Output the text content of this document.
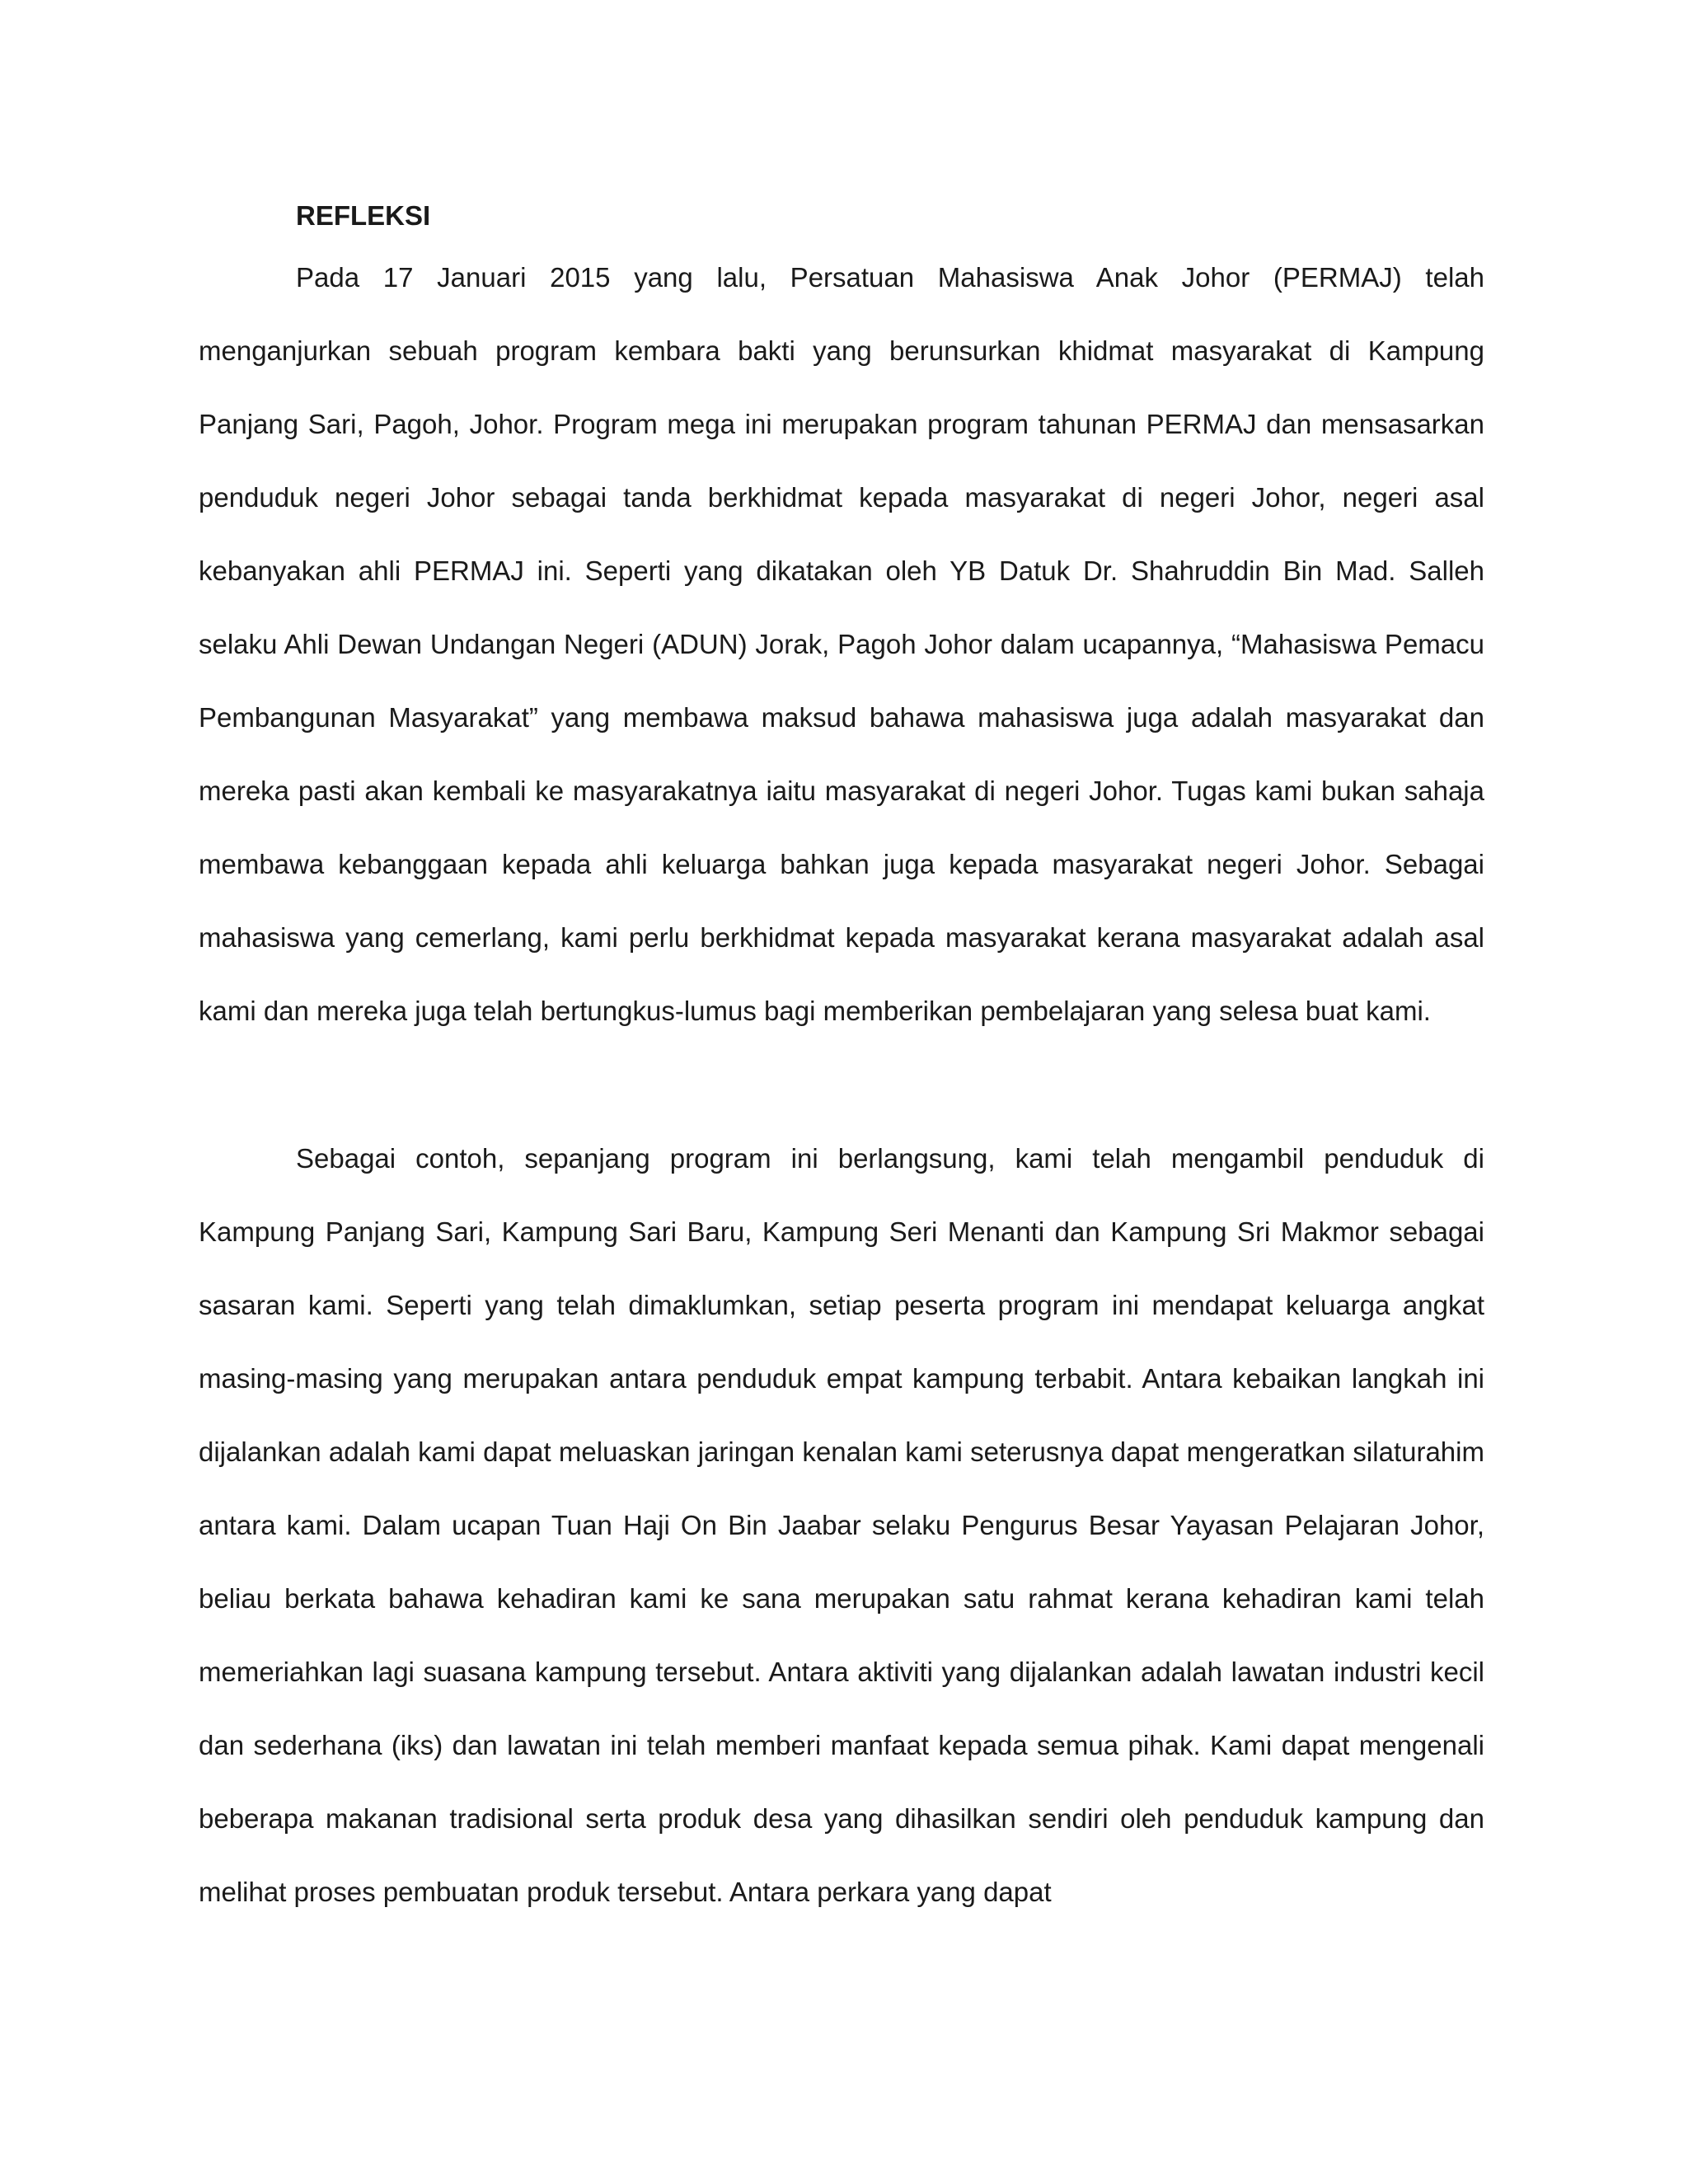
REFLEKSI

Pada 17 Januari 2015 yang lalu, Persatuan Mahasiswa Anak Johor (PERMAJ) telah menganjurkan sebuah program kembara bakti yang berunsurkan khidmat masyarakat di Kampung Panjang Sari, Pagoh, Johor. Program mega ini merupakan program tahunan PERMAJ dan mensasarkan penduduk negeri Johor sebagai tanda berkhidmat kepada masyarakat di negeri Johor, negeri asal kebanyakan ahli PERMAJ ini. Seperti yang dikatakan oleh YB Datuk Dr. Shahruddin Bin Mad. Salleh selaku Ahli Dewan Undangan Negeri (ADUN) Jorak, Pagoh Johor dalam ucapannya, “Mahasiswa Pemacu Pembangunan Masyarakat” yang membawa maksud bahawa mahasiswa juga adalah masyarakat dan mereka pasti akan kembali ke masyarakatnya iaitu masyarakat di negeri Johor. Tugas kami bukan sahaja membawa kebanggaan kepada ahli keluarga bahkan juga kepada masyarakat negeri Johor. Sebagai mahasiswa yang cemerlang, kami perlu berkhidmat kepada masyarakat kerana masyarakat adalah asal kami dan mereka juga telah bertungkus-lumus bagi memberikan pembelajaran yang selesa buat kami.

Sebagai contoh, sepanjang program ini berlangsung, kami telah mengambil penduduk di Kampung Panjang Sari, Kampung Sari Baru, Kampung Seri Menanti dan Kampung Sri Makmor sebagai sasaran kami. Seperti yang telah dimaklumkan, setiap peserta program ini mendapat keluarga angkat masing-masing yang merupakan antara penduduk empat kampung terbabit. Antara kebaikan langkah ini dijalankan adalah kami dapat meluaskan jaringan kenalan kami seterusnya dapat mengeratkan silaturahim antara kami. Dalam ucapan Tuan Haji On Bin Jaabar selaku Pengurus Besar Yayasan Pelajaran Johor, beliau berkata bahawa kehadiran kami ke sana merupakan satu rahmat kerana kehadiran kami telah memeriahkan lagi suasana kampung tersebut. Antara aktiviti yang dijalankan adalah lawatan industri kecil dan sederhana (iks) dan lawatan ini telah memberi manfaat kepada semua pihak. Kami dapat mengenali beberapa makanan tradisional serta produk desa yang dihasilkan sendiri oleh penduduk kampung dan melihat proses pembuatan produk tersebut. Antara perkara yang dapat
